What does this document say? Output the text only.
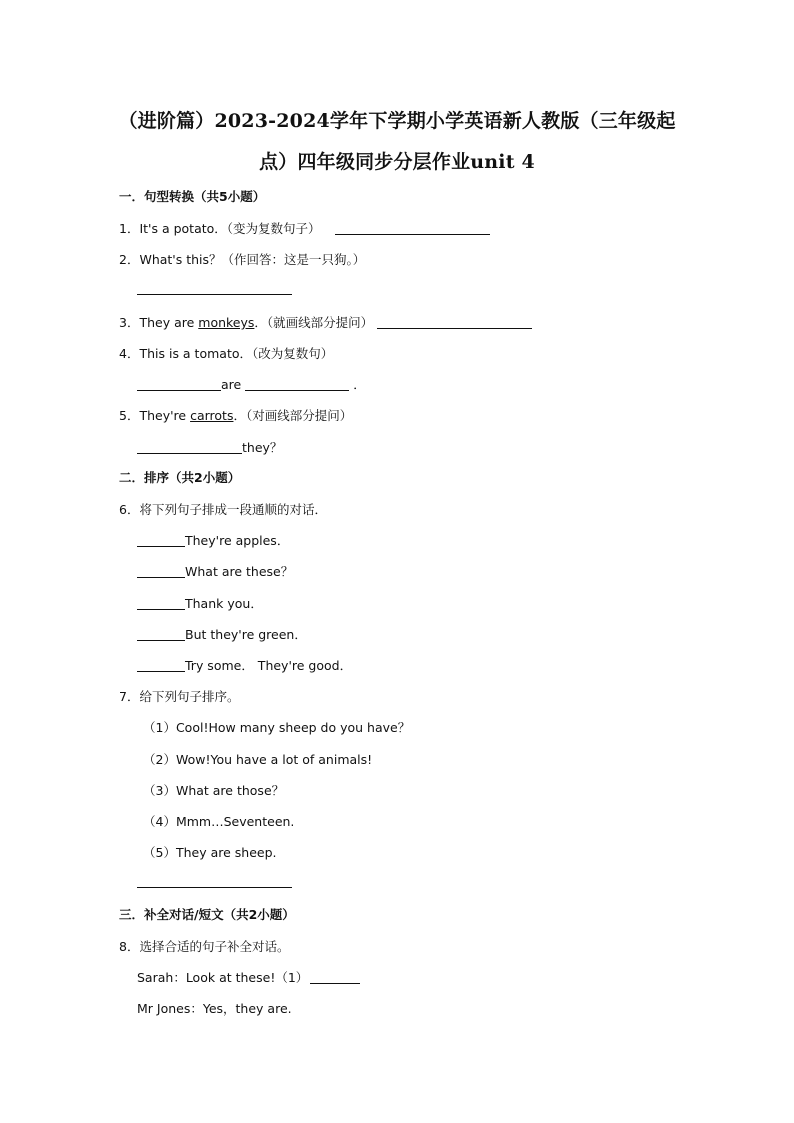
（进阶篇）2023-2024学年下学期小学英语新人教版（三年级起
点）四年级同步分层作业unit 4
一．句型转换（共5小题）
1．It's a potato．（变为复数句子）
2．What's this？（作回答：这是一只狗。）
3．They are monkeys．（就画线部分提问）
4．This is a tomato．（改为复数句）
are	．
5．They're carrots．（对画线部分提问）
they？
二．排序（共2小题）
6．将下列句子排成一段通顺的对话．
They're apples．
What are these？
Thank you．
But they're green．
Try some． They're good．
7．给下列句子排序。
（1）Cool!How many sheep do you have？
（2）Wow!You have a lot of animals!
（3）What are those？
（4）Mmm…Seventeen.
（5）They are sheep.
三．补全对话/短文（共2小题）
8．选择合适的句子补全对话。
Sarah：Look at these!（1）
Mr Jones：Yes，they are.
